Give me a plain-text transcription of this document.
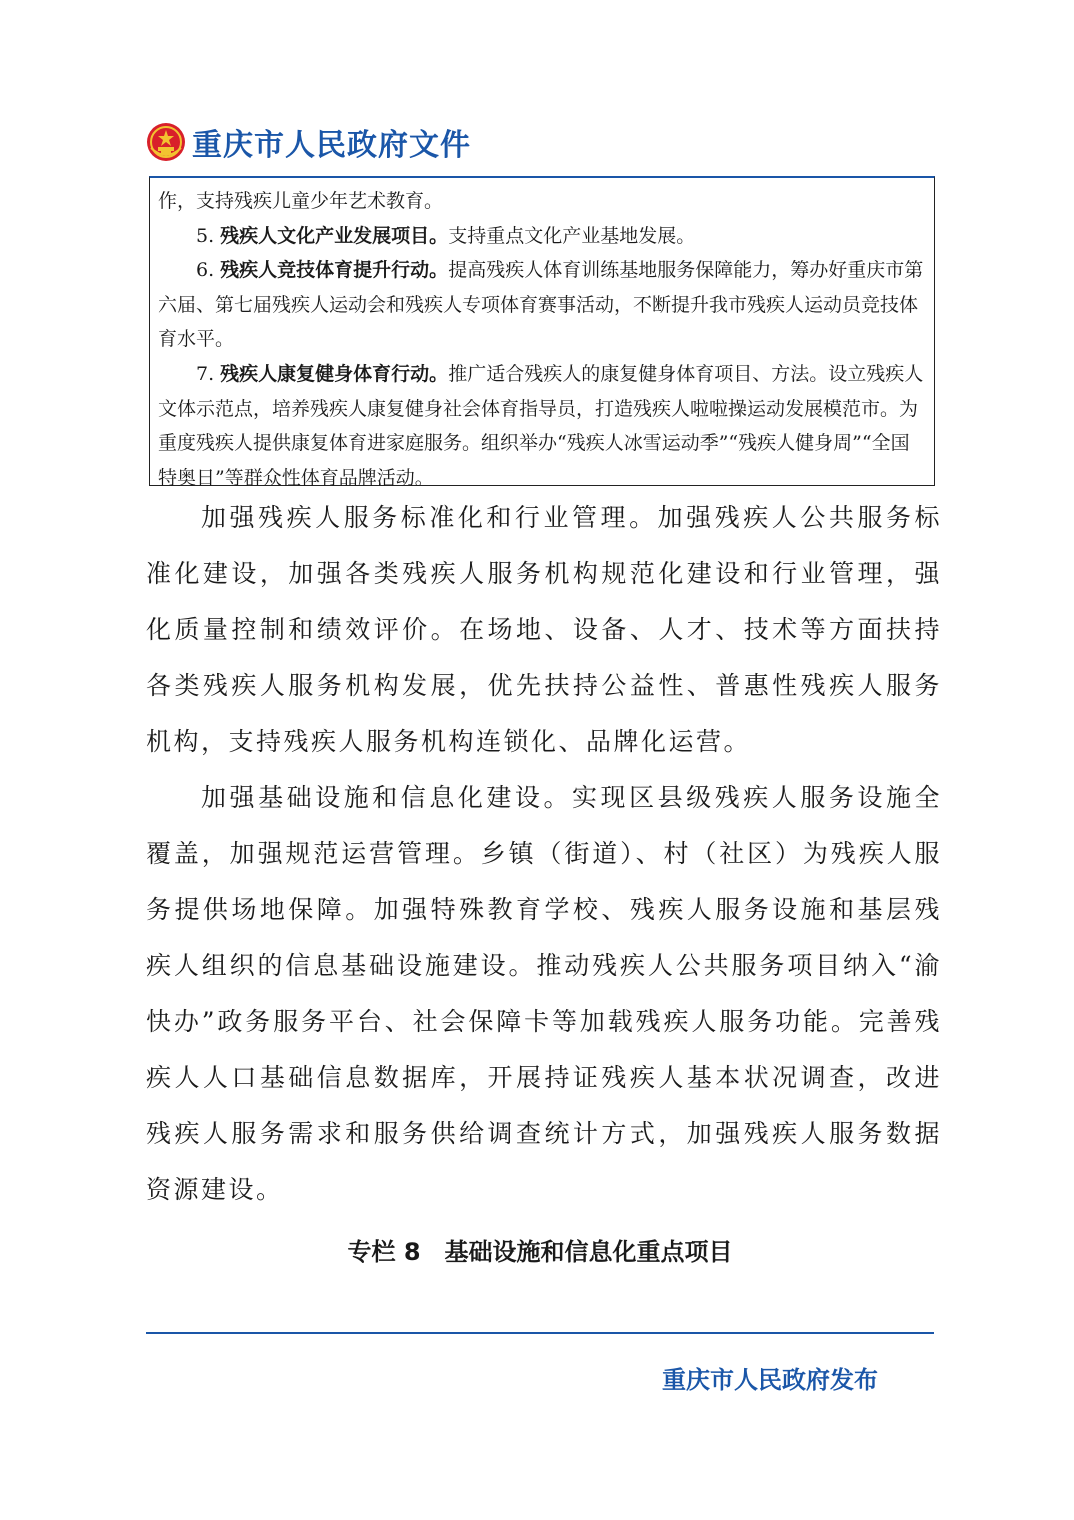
重庆市人民政府文件

作，支持残疾儿童少年艺术教育。

5. 残疾人文化产业发展项目。支持重点文化产业基地发展。

6. 残疾人竞技体育提升行动。提高残疾人体育训练基地服务保障能力，筹办好重庆市第六届、第七届残疾人运动会和残疾人专项体育赛事活动，不断提升我市残疾人运动员竞技体育水平。

7. 残疾人康复健身体育行动。推广适合残疾人的康复健身体育项目、方法。设立残疾人文体示范点，培养残疾人康复健身社会体育指导员，打造残疾人啦啦操运动发展模范市。为重度残疾人提供康复体育进家庭服务。组织举办“残疾人冰雪运动季”“残疾人健身周”“全国特奥日”等群众性体育品牌活动。

加强残疾人服务标准化和行业管理。加强残疾人公共服务标准化建设，加强各类残疾人服务机构规范化建设和行业管理，强化质量控制和绩效评价。在场地、设备、人才、技术等方面扶持各类残疾人服务机构发展，优先扶持公益性、普惠性残疾人服务机构，支持残疾人服务机构连锁化、品牌化运营。

加强基础设施和信息化建设。实现区县级残疾人服务设施全覆盖，加强规范运营管理。乡镇（街道）、村（社区）为残疾人服务提供场地保障。加强特殊教育学校、残疾人服务设施和基层残疾人组织的信息基础设施建设。推动残疾人公共服务项目纳入“渝快办”政务服务平台、社会保障卡等加载残疾人服务功能。完善残疾人人口基础信息数据库，开展持证残疾人基本状况调查，改进残疾人服务需求和服务供给调查统计方式，加强残疾人服务数据资源建设。

专栏 8　基础设施和信息化重点项目
重庆市人民政府发布
